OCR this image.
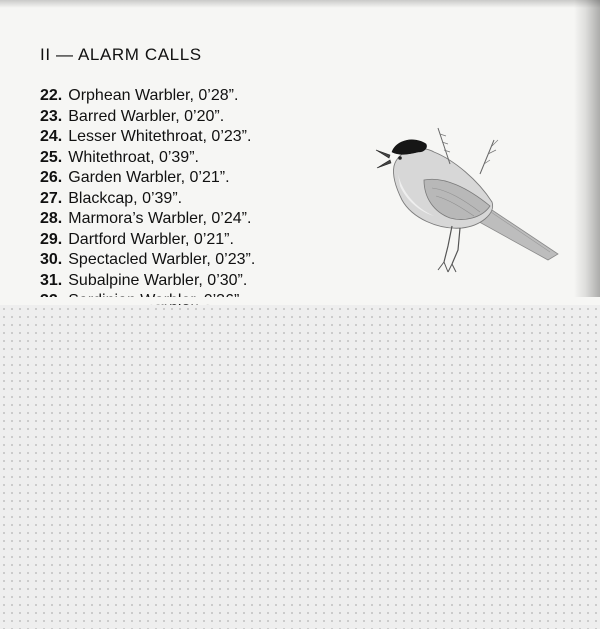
II — ALARM CALLS
22. Orphean Warbler, 0’28”.
23. Barred Warbler, 0’20”.
24. Lesser Whitethroat, 0’23”.
25. Whitethroat, 0’39”.
26. Garden Warbler, 0’21”.
27. Blackcap, 0’39”.
28. Marmora’s Warbler, 0’24”.
29. Dartford Warbler, 0’21”.
30. Spectacled Warbler, 0’23”.
31. Subalpine Warbler, 0’30”.
